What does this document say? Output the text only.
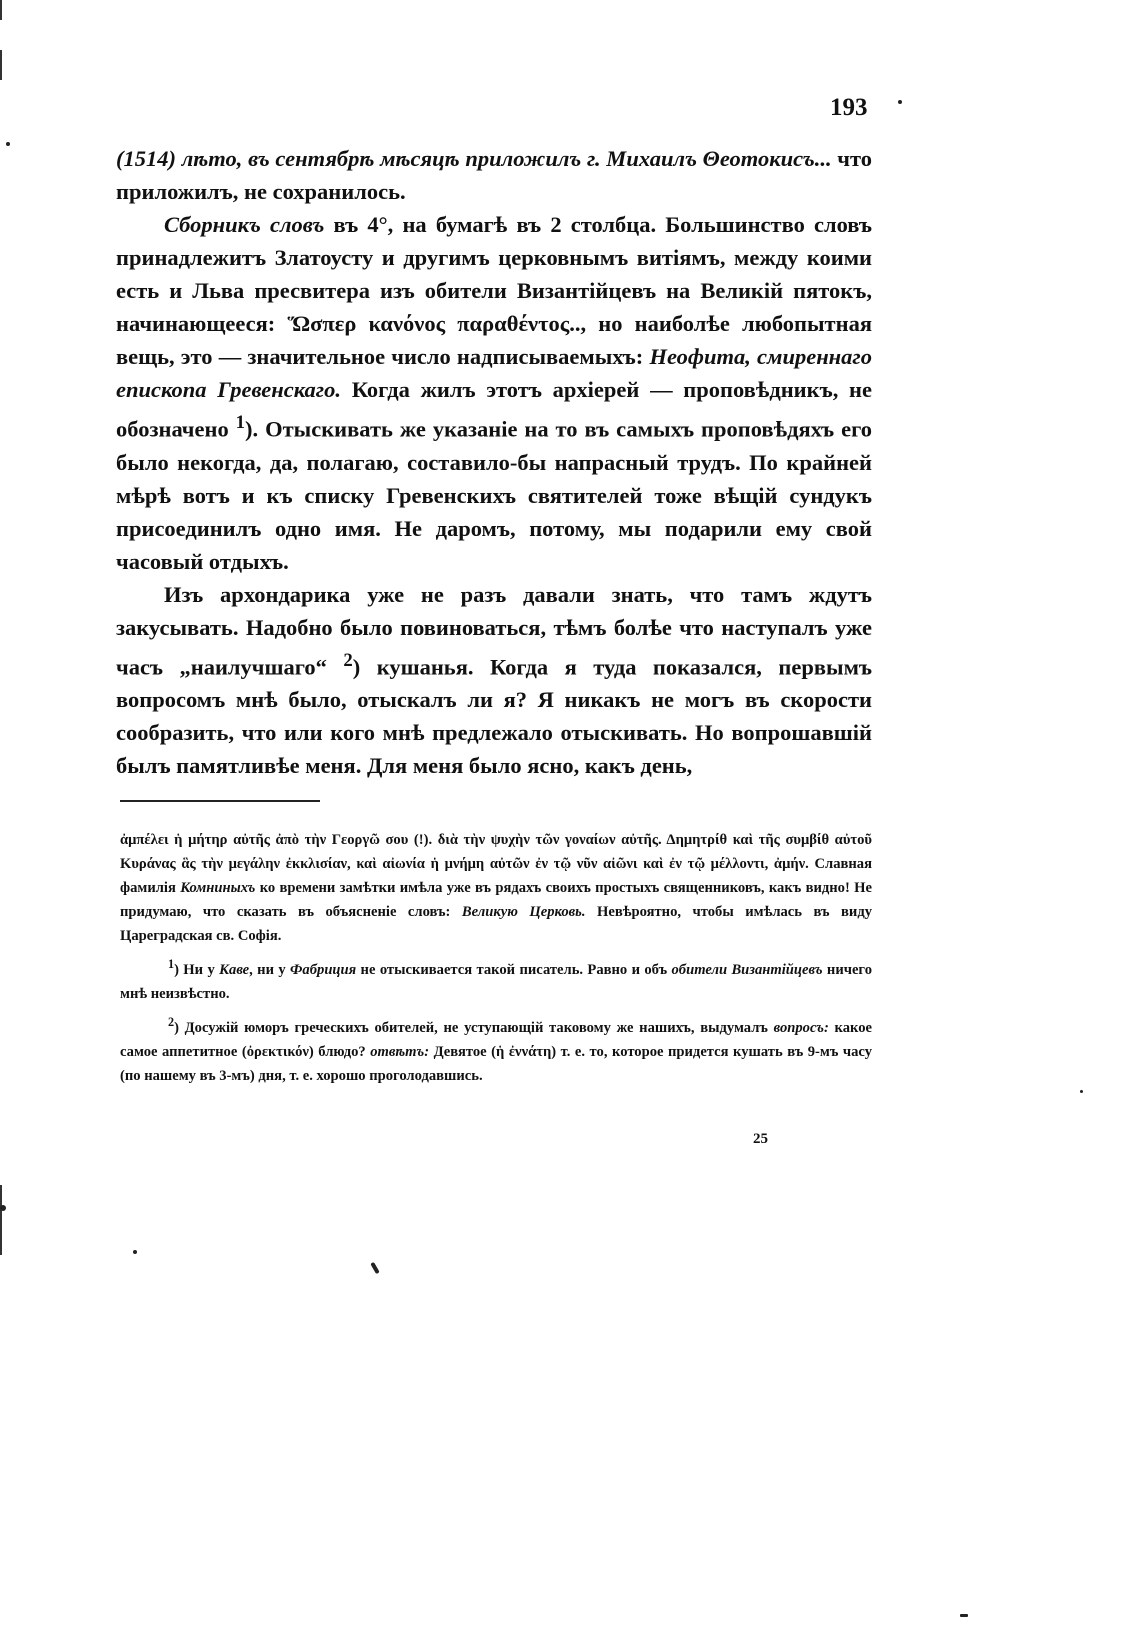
193

(1514) лѣто, въ сентябрѣ мѣсяцѣ приложилъ г. Михаилъ Θеотокисъ... что приложилъ, не сохранилось.

Сборникъ словъ въ 4°, на бумагѣ въ 2 столбца. Большинство словъ принадлежитъ Златоусту и другимъ церковнымъ витiямъ, между коими есть и Льва пресвитера изъ обители Византiйцевъ на Великiй пятокъ, начинающееся: Ὥσπερ κανόνος παραθέντος.., но наиболѣе любопытная вещь, это — значительное число надписываемыхъ: Неофита, смиреннаго епископа Гревенскаго. Когда жилъ этотъ архiерей — проповѣдникъ, не обозначено $^1$). Отыскивать же указанiе на то въ самыхъ проповѣдяхъ его было некогда, да, полагаю, составило-бы напрасный трудъ. По крайней мѣрѣ вотъ и къ списку Гревенскихъ святителей тоже вѣщiй сундукъ присоединилъ одно имя. Не даромъ, потому, мы подарили ему свой часовый отдыхъ.

Изъ архондарика уже не разъ давали знать, что тамъ ждутъ закусывать. Надобно было повиноваться, тѣмъ болѣе что наступалъ уже часъ „наилучшаго“ $^2$) кушанья. Когда я туда показался, первымъ вопросомъ мнѣ было, отыскалъ ли я? Я никакъ не могъ въ скорости сообразить, что или кого мнѣ предлежало отыскивать. Но вопрошавшiй былъ памятливѣе меня. Для меня было ясно, какъ день,

ἀμπέλει ἡ μήτηρ αὐτῆς ἀπὸ τὴν Γεοργῶ σου (!). διὰ τὴν ψυχὴν τῶν γοναίων αὐτῆς. Δημητρίθ καὶ τῆς συμβίθ αὐτοῦ Κυράνας ἃς τὴν μεγάλην ἐκκλισίαν, καὶ αἰωνία ἡ μνήμη αὐτῶν ἐν τῷ νῦν αἰῶνι καὶ ἐν τῷ μέλλοντι, ἀμήν. Славная фамилiя Комниныхъ ко времени замѣтки имѣла уже въ рядахъ своихъ простыхъ священниковъ, какъ видно! Не придумаю, что сказать въ объясненiе словъ: Великую Церковь. Невѣроятно, чтобы имѣлась въ виду Цареградская св. Софiя.

$^1$) Ни у Каве, ни у Фабриция не отыскивается такой писатель. Равно и объ обители Византiйцевъ ничего мнѣ неизвѣстно.

$^2$) Досужiй юморъ греческихъ обителей, не уступающiй таковому же нашихъ, выдумалъ вопросъ: какое самое аппетитное (ὀρεκτικόν) блюдо? отвѣтъ: Девятое (ἡ ἐννάτη) т. е. то, которое придется кушать въ 9-мъ часу (по нашему въ 3-мъ) дня, т. е. хорошо проголодавшись.

25
